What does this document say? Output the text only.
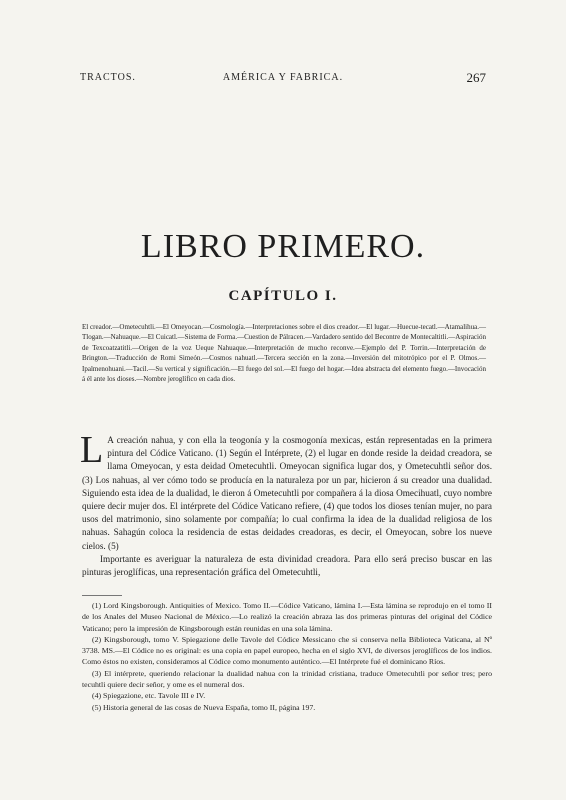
TRACTOS.	AMÉRICA Y FABRICA.	267
LIBRO PRIMERO.
CAPÍTULO I.
El creador.—Ometecuhtli.—El Omeyocan.—Cosmología.—Interpretaciones sobre el dios creador.—El lugar.—Huecue-tecatl.—Atamalihua.—Tlogan.—Nahuaque.—El Cuicatl.—Sistema de Forma.—Cuestion de Pálracen.—Vardadero sentido del Becontre de Montecaltitli.—Aspiración de Texcoatzatitli.—Origen de la voz Ueque Nahuaque.—Interpretación de mucho reconve.—Ejemplo del P. Torrin.—Interpretación de Brington.—Traducción de Romi Simeón.—Cosmos nahuatl.—Tercera sección en la zona.—Inversión del mitotrópico por el P. Olmos.—Ipalmenohuani.—Tacil.—Su vertical y significación.—El fuego del sol.—El fuego del hogar.—Idea abstracta del elemento fuego.—Invocación á él ante los dioses.—Nombre jeroglífico en cada dios.

L A creación nahua, y con ella la teogonía y la cosmogonía mexicas, están representadas en la primera pintura del Códice Vaticano. (1) Según el Intérprete, (2) el lugar en donde reside la deidad creadora, se llama Omeyocan, y esta deidad Ometecuhtli. Omeyocan significa lugar dos, y Ometecuhtli señor dos. (3) Los nahuas, al ver cómo todo se producía en la naturaleza por un par, hicieron á su creador una dualidad. Siguiendo esta idea de la dualidad, le dieron á Ometecuhtli por compañera á la diosa Omecihuatl, cuyo nombre quiere decir mujer dos. El intérprete del Códice Vaticano refiere, (4) que todos los dioses tenían mujer, no para usos del matrimonio, sino solamente por compañía; lo cual confirma la idea de la dualidad religiosa de los nahuas. Sahagún coloca la residencia de estas deidades creadoras, es decir, el Omeyocan, sobre los nueve cielos. (5)

Importante es averiguar la naturaleza de esta divinidad creadora. Para ello será preciso buscar en las pinturas jeroglíficas, una representación gráfica del Ometecuhtli,

(1) Lord Kingsborough. Antiquities of Mexico. Tomo II.—Códice Vaticano, lámina I.—Esta lámina se reprodujo en el tomo II de los Anales del Museo Nacional de México.—Lo realizó la creación abraza las dos primeras pinturas del original del Códice Vaticano; pero la impresión de Kingsborough están reunidas en una sola lámina.

(2) Kingsborough, tomo V. Spiegazione delle Tavole del Códice Messicano che si conserva nella Biblioteca Vaticana, al Nº 3738. MS.—El Códice no es original: es una copia en papel europeo, hecha en el siglo XVI, de diversos jeroglíficos de los indios. Como éstos no existen, consideramos al Códice como monumento auténtico.—El Intérprete fué el dominicano Ríos.

(3) El intérprete, queriendo relacionar la dualidad nahua con la trinidad cristiana, traduce Ometecuhtli por señor tres; pero tecuhtli quiere decir señor, y ome es el numeral dos.

(4) Spiegazione, etc. Tavole III e IV.

(5) Historia general de las cosas de Nueva España, tomo II, página 197.
